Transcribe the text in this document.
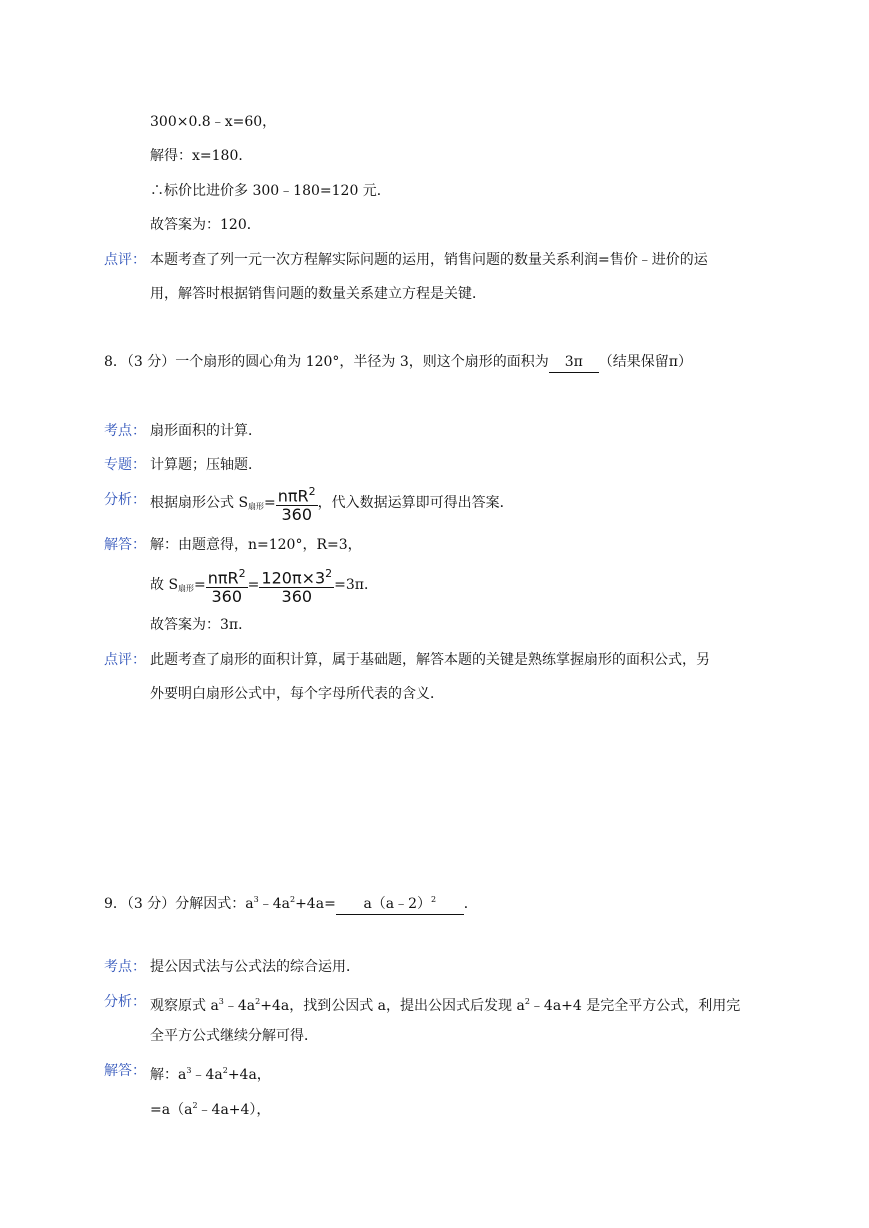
300×0.8﹣x=60，
解得：x=180．
∴标价比进价多 300﹣180=120 元．
故答案为：120．
点评： 本题考查了列一元一次方程解实际问题的运用，销售问题的数量关系利润=售价﹣进价的运
用，解答时根据销售问题的数量关系建立方程是关键．
8．（3 分）一个扇形的圆心角为 120°，半径为 3，则这个扇形的面积为 3π （结果保留π）
考点： 扇形面积的计算．
专题： 计算题；压轴题．
分析： 根据扇形公式 $S_{扇形}= \frac{n\pi R^2}{360}$ ，代入数据运算即可得出答案．
解答： 解：由题意得，n=120°，R=3，
故 $S_{扇形}= \frac{n\pi R^2}{360} = \frac{120\pi\times 3^2}{360} =3\pi$．
故答案为：3π．
点评： 此题考查了扇形的面积计算，属于基础题，解答本题的关键是熟练掌握扇形的面积公式，另
外要明白扇形公式中，每个字母所代表的含义．
9．（3 分）分解因式：$a^3﹣4a^2+4a=$ a（a﹣2）$^2$ ．
考点： 提公因式法与公式法的综合运用．
分析： 观察原式 $a^3﹣4a^2+4a$，找到公因式 a，提出公因式后发现 $a^2﹣4a+4$ 是完全平方公式，利用完
全平方公式继续分解可得．
解答： 解：$a^3﹣4a^2+4a$，
$=a(a^2﹣4a+4)$，
